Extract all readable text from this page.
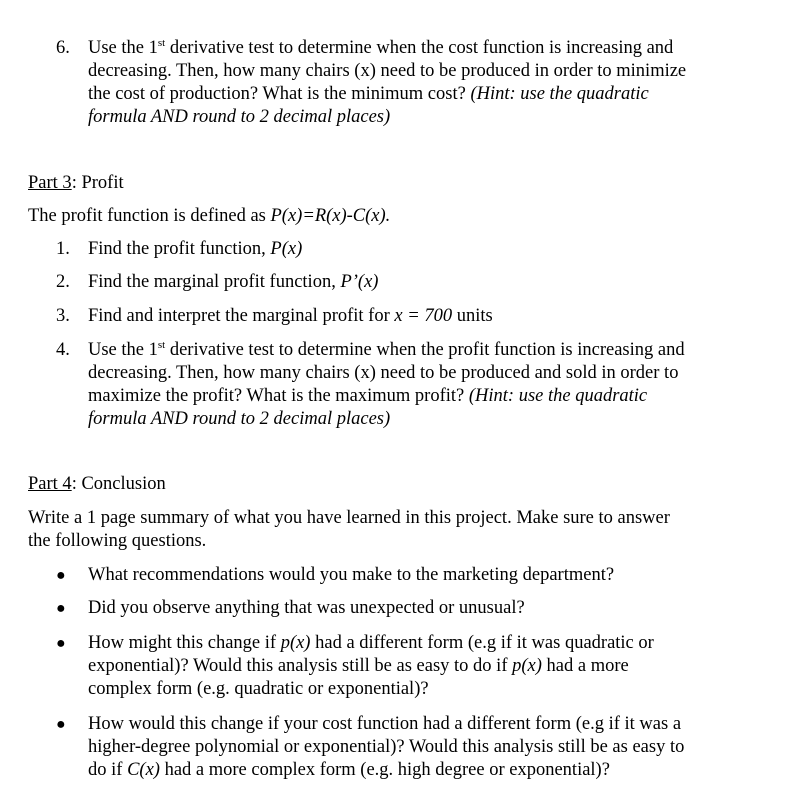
6. Use the 1st derivative test to determine when the cost function is increasing and
decreasing. Then, how many chairs (x) need to be produced in order to minimize
the cost of production? What is the minimum cost? (Hint: use the quadratic
formula AND round to 2 decimal places)
Part 3: Profit
The profit function is defined as P(x)=R(x)-C(x).
1. Find the profit function, P(x)
2. Find the marginal profit function, P’(x)
3. Find and interpret the marginal profit for x = 700 units
4. Use the 1st derivative test to determine when the profit function is increasing and
decreasing. Then, how many chairs (x) need to be produced and sold in order to
maximize the profit? What is the maximum profit? (Hint: use the quadratic
formula AND round to 2 decimal places)
Part 4: Conclusion
Write a 1 page summary of what you have learned in this project. Make sure to answer
the following questions.
●	What recommendations would you make to the marketing department?
●	Did you observe anything that was unexpected or unusual?
●	How might this change if p(x) had a different form (e.g if it was quadratic or
exponential)? Would this analysis still be as easy to do if p(x) had a more
complex form (e.g. quadratic or exponential)?
●	How would this change if your cost function had a different form (e.g if it was a
higher-degree polynomial or exponential)? Would this analysis still be as easy to
do if C(x) had a more complex form (e.g. high degree or exponential)?
